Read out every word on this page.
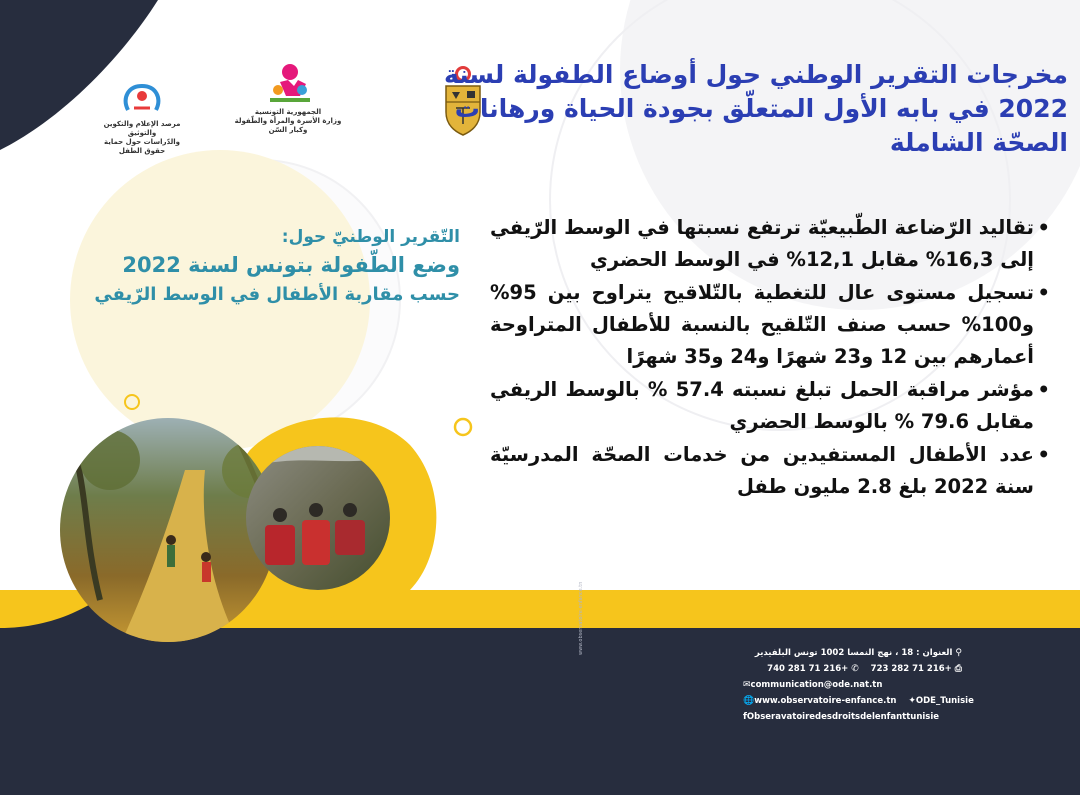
الجمهورية التونسية
وزارة الأسرة والمرأة والطّفولة وكبار السّن
مرصد الإعلام والتكوين والتوثيق
والدّراسات حول حماية حقوق الطفل
مخرجات التقرير الوطني حول أوضاع الطفولة لسنة
2022 في بابه الأول المتعلّق بجودة الحياة ورهانات
الصحّة الشاملة
التّقرير الوطنيّ حول:
وضع الطّفولة بتونس لسنة 2022
حسب مقاربة الأطفال في الوسط الرّيفي
• تقاليد الرّضاعة الطّبيعيّة ترتفع نسبتها في الوسط الرّيفي إلى 16,3% مقابل 12,1% في الوسط الحضري
• تسجيل مستوى عال للتغطية بالتّلاقيح يتراوح بين 95% و100% حسب صنف التّلقيح بالنسبة للأطفال المتراوحة أعمارهم بين 12 و23 شهرًا و24 و35 شهرًا
• مؤشر مراقبة الحمل تبلغ نسبته 57.4 % بالوسط الريفي مقابل 79.6 % بالوسط الحضري
• عدد الأطفال المستفيدين من خدمات الصحّة المدرسيّة سنة 2022 بلغ 2.8 مليون طفل
www.observatoire-enfance.tn	⚲العنوان : 18 ، نهج النمسا 1002 تونس البلفيدير
⎙+216 71 282 723    ✆+216 71 281 740
✉communication@ode.nat.tn
🌐www.observatoire-enfance.tn ✦ODE_Tunisie
fObseravatoiredesdroitsdelenfanttunisie
